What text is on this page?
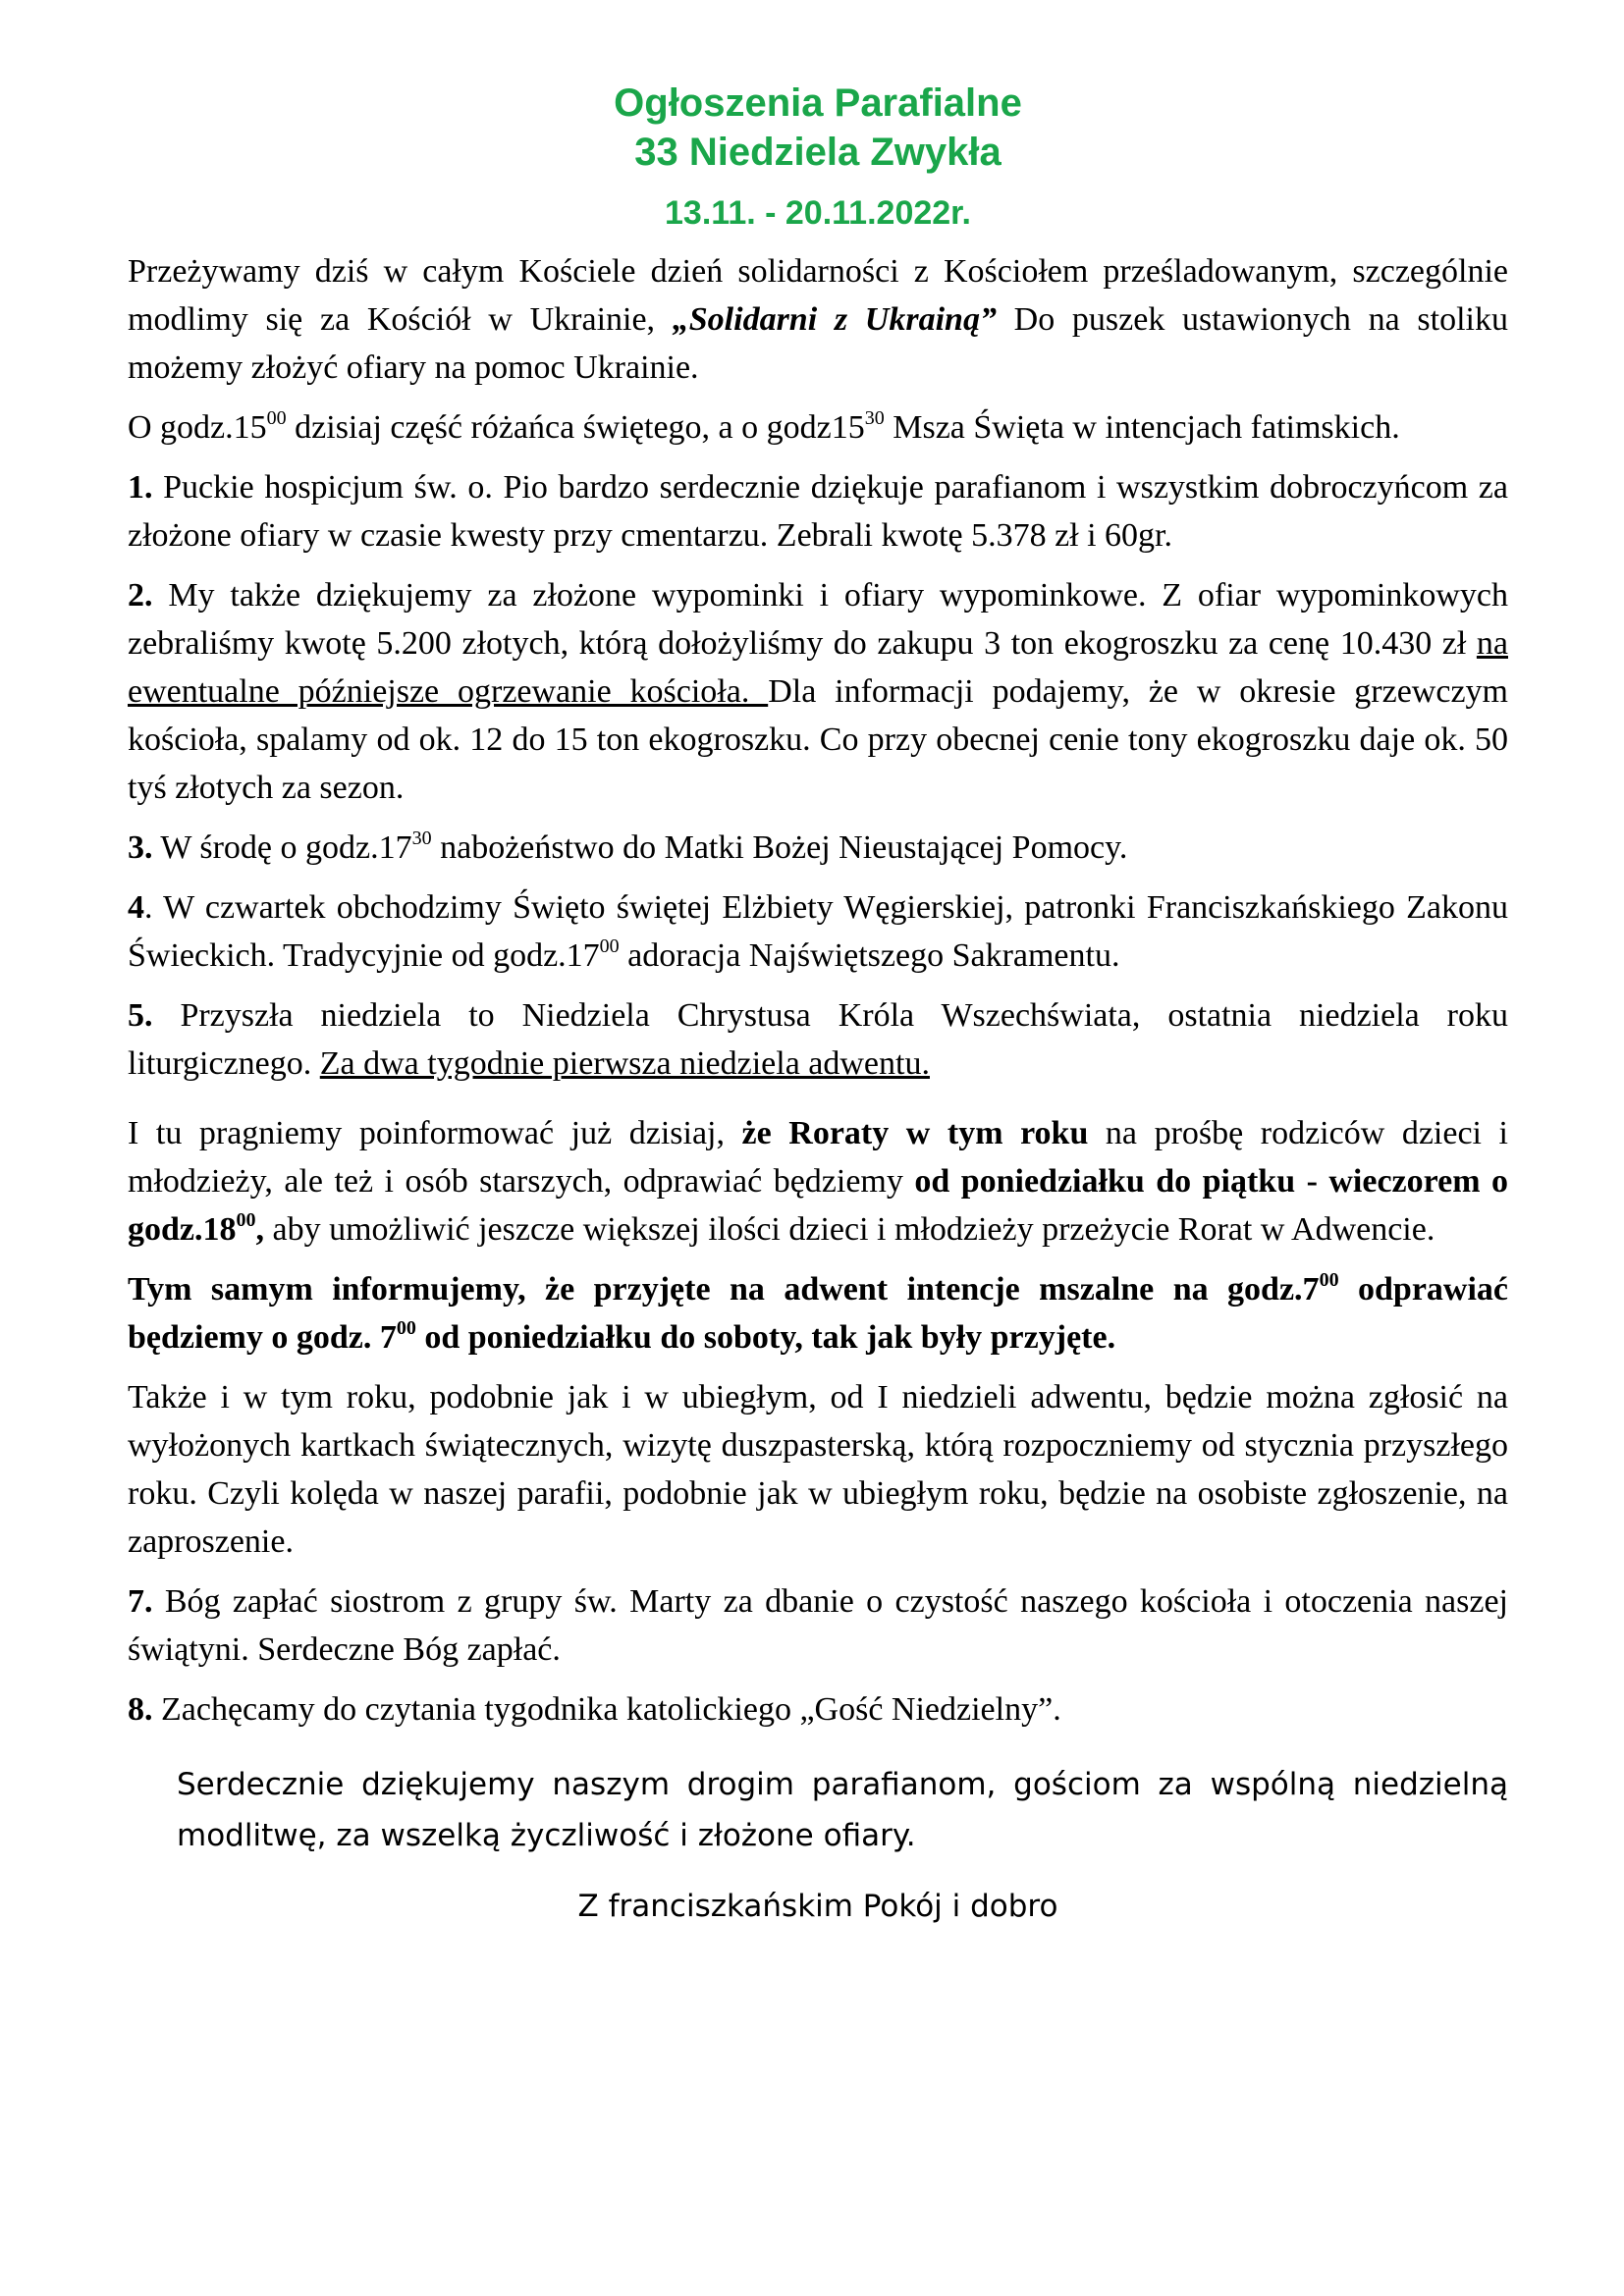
Ogłoszenia Parafialne
33 Niedziela Zwykła
13.11. - 20.11.2022r.

Przeżywamy dziś w całym Kościele dzień solidarności z Kościołem prześladowanym, szczególnie modlimy się za Kościół w Ukrainie, „Solidarni z Ukrainą” Do puszek ustawionych na stoliku możemy złożyć ofiary na pomoc Ukrainie.

O $godz.15^{00}$ dzisiaj część różańca świętego, a o $godz15^{30}$ Msza Święta w intencjach fatimskich.

1. Puckie hospicjum św. o. Pio bardzo serdecznie dziękuje parafianom i wszystkim dobroczyńcom za złożone ofiary w czasie kwesty przy cmentarzu. Zebrali kwotę 5.378 zł i 60gr.

2. My także dziękujemy za złożone wypominki i ofiary wypominkowe. Z ofiar wypominkowych zebraliśmy kwotę 5.200 złotych, którą dołożyliśmy do zakupu 3 ton ekogroszku za cenę 10.430 zł na ewentualne późniejsze ogrzewanie kościoła. Dla informacji podajemy, że w okresie grzewczym kościoła, spalamy od ok. 12 do 15 ton ekogroszku. Co przy obecnej cenie tony ekogroszku daje ok. 50 tyś złotych za sezon.

3. W środę o $godz.17^{30}$ nabożeństwo do Matki Bożej Nieustającej Pomocy.

4. W czwartek obchodzimy Święto świętej Elżbiety Węgierskiej, patronki Franciszkańskiego Zakonu Świeckich. Tradycyjnie od $godz.17^{00}$ adoracja Najświętszego Sakramentu.

5. Przyszła niedziela to Niedziela Chrystusa Króla Wszechświata, ostatnia niedziela roku liturgicznego. Za dwa tygodnie pierwsza niedziela adwentu.

I tu pragniemy poinformować już dzisiaj, że Roraty w tym roku na prośbę rodziców dzieci i młodzieży, ale też i osób starszych, odprawiać będziemy od poniedziałku do piątku - wieczorem o $godz.18^{00}$, aby umożliwić jeszcze większej ilości dzieci i młodzieży przeżycie Rorat w Adwencie.

Tym samym informujemy, że przyjęte na adwent intencje mszalne na $godz.7^{00}$ odprawiać będziemy o godz. $7^{00}$ od poniedziałku do soboty, tak jak były przyjęte.

Także i w tym roku, podobnie jak i w ubiegłym, od I niedzieli adwentu, będzie można zgłosić na wyłożonych kartkach świątecznych, wizytę duszpasterską, którą rozpoczniemy od stycznia przyszłego roku. Czyli kolęda w naszej parafii, podobnie jak w ubiegłym roku, będzie na osobiste zgłoszenie, na zaproszenie.

7. Bóg zapłać siostrom z grupy św. Marty za dbanie o czystość naszego kościoła i otoczenia naszej świątyni. Serdeczne Bóg zapłać.

8. Zachęcamy do czytania tygodnika katolickiego „Gość Niedzielny”.

Serdecznie dziękujemy naszym drogim parafianom, gościom za wspólną niedzielną modlitwę, za wszelką życzliwość i złożone ofiary.
Z franciszkańskim Pokój i dobro
